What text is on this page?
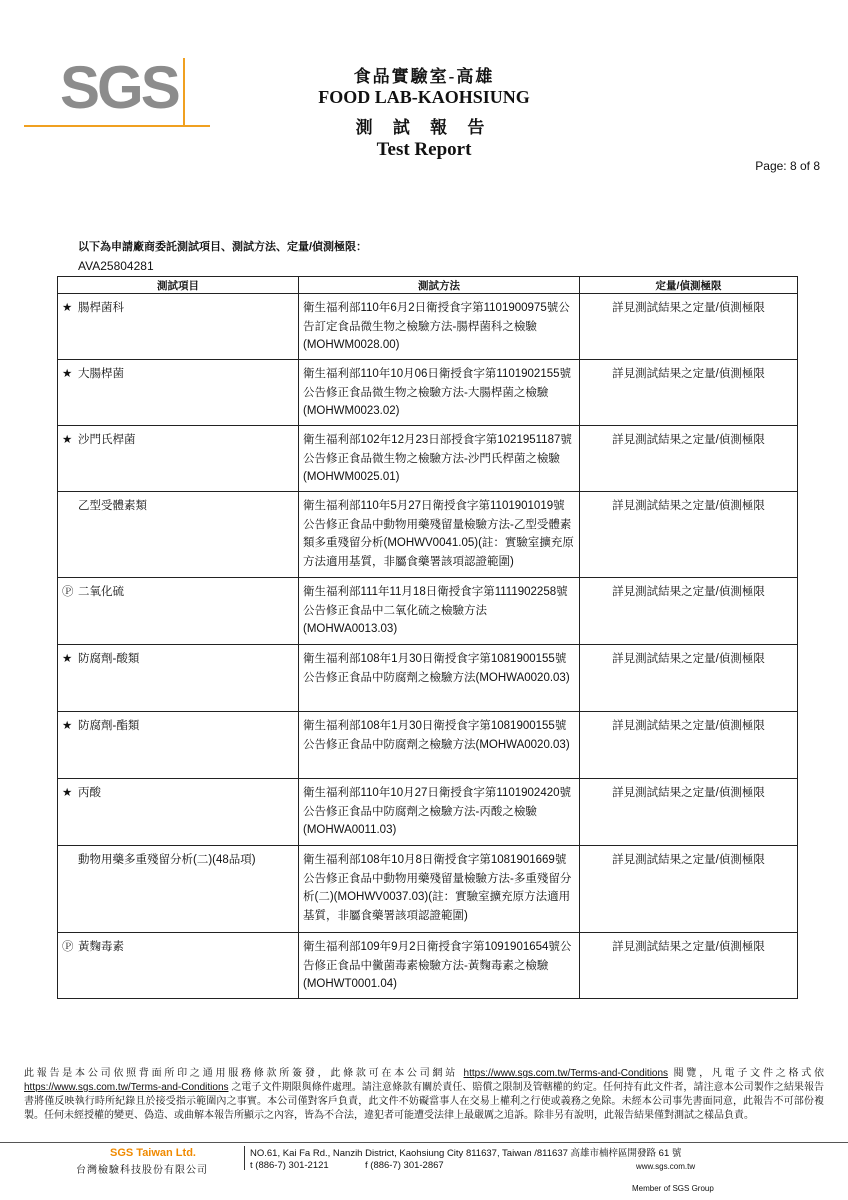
SGS	食品實驗室-高雄
FOOD LAB-KAOHSIUNG
測 試 報 告
Test Report
Page: 8 of 8
以下為申請廠商委託測試項目、測試方法、定量/偵測極限：
AVA25804281
測試項目	測試方法	定量/偵測極限
★ 腸桿菌科	衛生福利部110年6月2日衛授食字第1101900975號公告訂定食品微生物之檢驗方法-腸桿菌科之檢驗(MOHWM0028.00)	詳見測試結果之定量/偵測極限
★ 大腸桿菌	衛生福利部110年10月06日衛授食字第1101902155號公告修正食品微生物之檢驗方法-大腸桿菌之檢驗(MOHWM0023.02)	詳見測試結果之定量/偵測極限
★ 沙門氏桿菌	衛生福利部102年12月23日部授食字第1021951187號公告修正食品微生物之檢驗方法-沙門氏桿菌之檢驗(MOHWM0025.01)	詳見測試結果之定量/偵測極限
乙型受體素類	衛生福利部110年5月27日衛授食字第1101901019號公告修正食品中動物用藥殘留量檢驗方法-乙型受體素類多重殘留分析(MOHWV0041.05)(註：實驗室擴充原方法適用基質，非屬食藥署該項認證範圍)	詳見測試結果之定量/偵測極限
Ⓟ 二氧化硫	衛生福利部111年11月18日衛授食字第1111902258號公告修正食品中二氧化硫之檢驗方法(MOHWA0013.03)	詳見測試結果之定量/偵測極限
★ 防腐劑-酸類	衛生福利部108年1月30日衛授食字第1081900155號公告修正食品中防腐劑之檢驗方法(MOHWA0020.03)	詳見測試結果之定量/偵測極限
★ 防腐劑-酯類	衛生福利部108年1月30日衛授食字第1081900155號公告修正食品中防腐劑之檢驗方法(MOHWA0020.03)	詳見測試結果之定量/偵測極限
★ 丙酸	衛生福利部110年10月27日衛授食字第1101902420號公告修正食品中防腐劑之檢驗方法-丙酸之檢驗(MOHWA0011.03)	詳見測試結果之定量/偵測極限
動物用藥多重殘留分析(二)(48品項)	衛生福利部108年10月8日衛授食字第1081901669號公告修正食品中動物用藥殘留量檢驗方法-多重殘留分析(二)(MOHWV0037.03)(註：實驗室擴充原方法適用基質，非屬食藥署該項認證範圍)	詳見測試結果之定量/偵測極限
Ⓟ 黃麴毒素	衛生福利部109年9月2日衛授食字第1091901654號公告修正食品中黴菌毒素檢驗方法-黃麴毒素之檢驗(MOHWT0001.04)	詳見測試結果之定量/偵測極限
此報告是本公司依照背面所印之通用服務條款所簽發，此條款可在本公司網站 https://www.sgs.com.tw/Terms-and-Conditions 閱覽，凡電子文件之格式依 https://www.sgs.com.tw/Terms-and-Conditions 之電子文件期限與條件處理。請注意條款有關於責任、賠償之限制及管轄權的約定。任何持有此文件者，請注意本公司製作之結果報告書將僅反映執行時所紀錄且於接受指示範圍內之事實。本公司僅對客戶負責，此文件不妨礙當事人在交易上權利之行使或義務之免除。未經本公司事先書面同意，此報告不可部份複製。任何未經授權的變更、偽造、或曲解本報告所顯示之內容，皆為不合法，違犯者可能遭受法律上最嚴厲之追訴。除非另有說明，此報告結果僅對測試之樣品負責。
SGS Taiwan Ltd.
台灣檢驗科技股份有限公司
NO.61, Kai Fa Rd., Nanzih District, Kaohsiung City 811637, Taiwan /811637 高雄市楠梓區開發路 61 號
t (886-7) 301-2121	f (886-7) 301-2867	www.sgs.com.tw
Member of SGS Group
